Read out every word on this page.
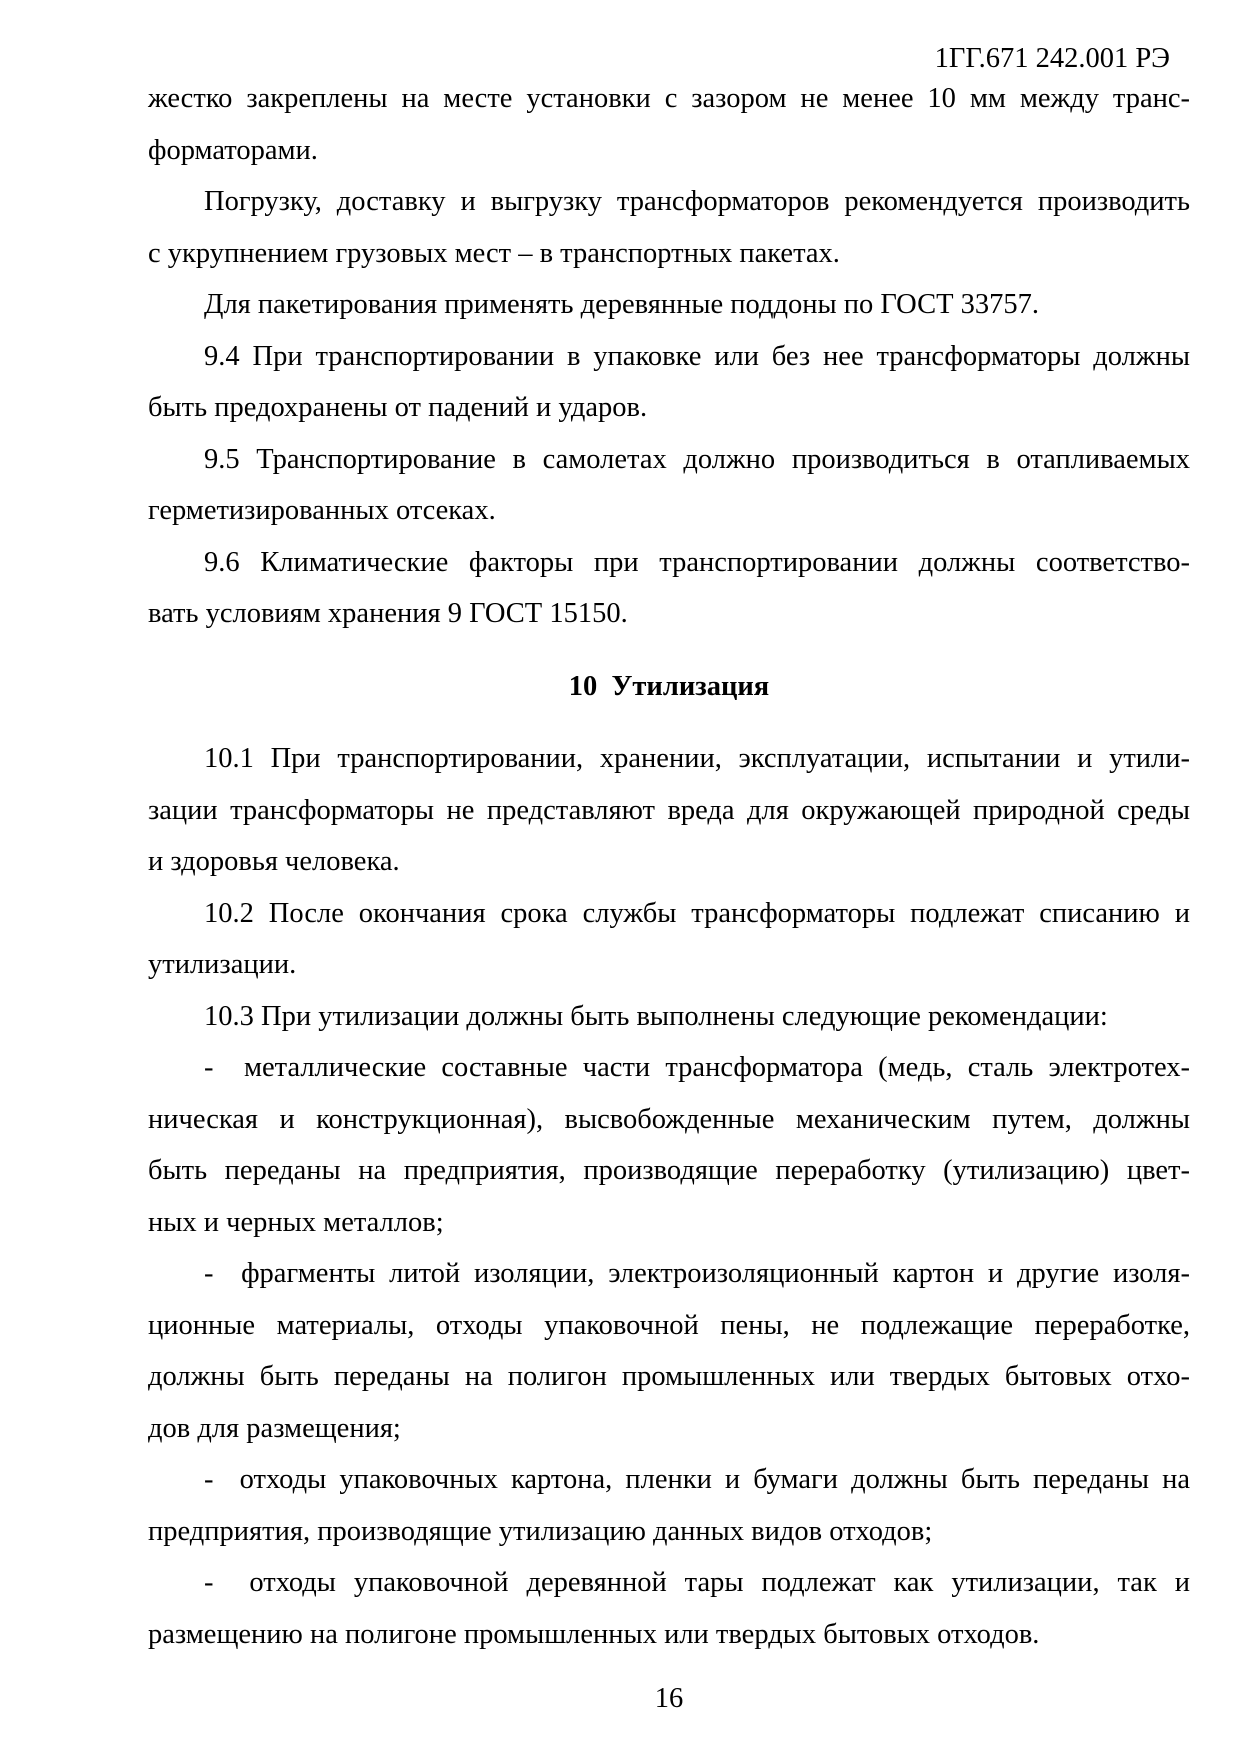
1ГГ.671 242.001 РЭ
жестко закреплены на месте установки с зазором не менее 10 мм между транс-
форматорами.
Погрузку, доставку и выгрузку трансформаторов рекомендуется производить
с укрупнением грузовых мест – в транспортных пакетах.
Для пакетирования применять деревянные поддоны по ГОСТ 33757.
9.4 При транспортировании в упаковке или без нее трансформаторы должны
быть предохранены от падений и ударов.
9.5 Транспортирование в самолетах должно производиться в отапливаемых
герметизированных отсеках.
9.6 Климатические факторы при транспортировании должны соответство-
вать условиям хранения 9 ГОСТ 15150.
10  Утилизация
10.1 При транспортировании, хранении, эксплуатации, испытании и утили-
зации трансформаторы не представляют вреда для окружающей природной среды
и здоровья человека.
10.2 После окончания срока службы трансформаторы подлежат списанию и
утилизации.
10.3 При утилизации должны быть выполнены следующие рекомендации:
-  металлические составные части трансформатора (медь, сталь электротех-
ническая и конструкционная), высвобожденные механическим путем, должны
быть переданы на предприятия, производящие переработку (утилизацию) цвет-
ных и черных металлов;
-  фрагменты литой изоляции, электроизоляционный картон и другие изоля-
ционные материалы, отходы упаковочной пены, не подлежащие переработке,
должны быть переданы на полигон промышленных или твердых бытовых отхо-
дов для размещения;
-  отходы упаковочных картона, пленки и бумаги должны быть переданы на
предприятия, производящие утилизацию данных видов отходов;
-  отходы упаковочной деревянной тары подлежат как утилизации, так и
размещению на полигоне промышленных или твердых бытовых отходов.
16
